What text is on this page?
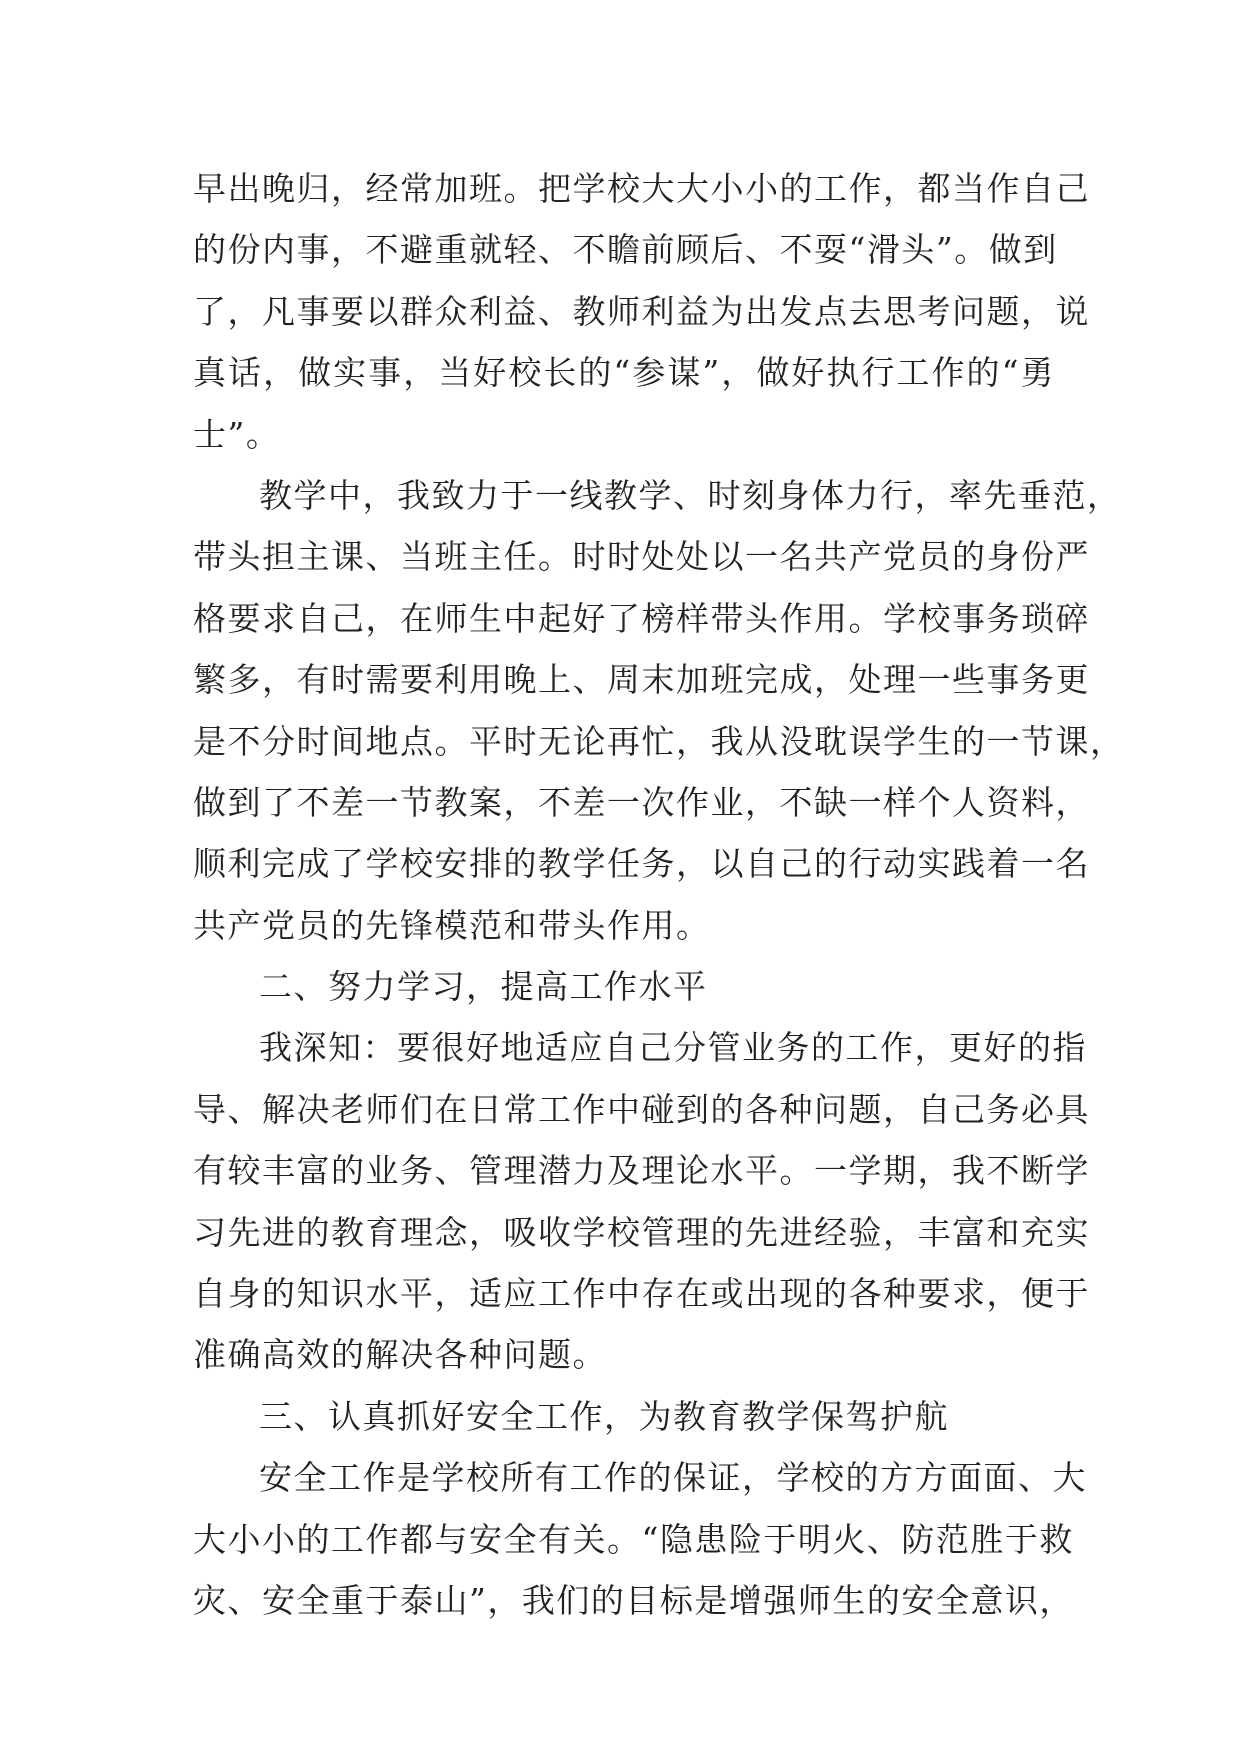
早出晚归，经常加班。把学校大大小小的工作，都当作自己
的份内事，不避重就轻、不瞻前顾后、不耍“滑头”。做到
了，凡事要以群众利益、教师利益为出发点去思考问题，说
真话，做实事，当好校长的“参谋”，做好执行工作的“勇
士”。
教学中，我致力于一线教学、时刻身体力行，率先垂范，
带头担主课、当班主任。时时处处以一名共产党员的身份严
格要求自己，在师生中起好了榜样带头作用。学校事务琐碎
繁多，有时需要利用晚上、周末加班完成，处理一些事务更
是不分时间地点。平时无论再忙，我从没耽误学生的一节课，
做到了不差一节教案，不差一次作业，不缺一样个人资料，
顺利完成了学校安排的教学任务，以自己的行动实践着一名
共产党员的先锋模范和带头作用。
二、努力学习，提高工作水平
我深知：要很好地适应自己分管业务的工作，更好的指
导、解决老师们在日常工作中碰到的各种问题，自己务必具
有较丰富的业务、管理潜力及理论水平。一学期，我不断学
习先进的教育理念，吸收学校管理的先进经验，丰富和充实
自身的知识水平，适应工作中存在或出现的各种要求，便于
准确高效的解决各种问题。
三、认真抓好安全工作，为教育教学保驾护航
安全工作是学校所有工作的保证，学校的方方面面、大
大小小的工作都与安全有关。“隐患险于明火、防范胜于救
灾、安全重于泰山”，我们的目标是增强师生的安全意识，
